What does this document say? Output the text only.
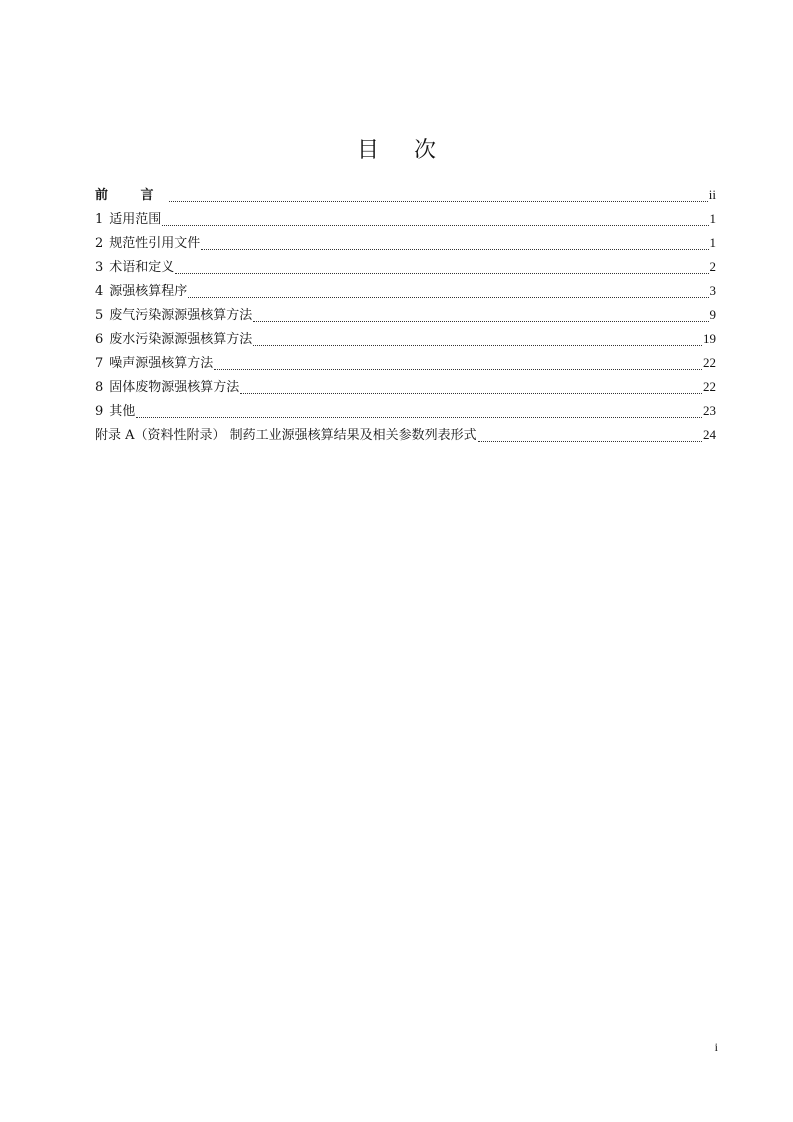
目 次
前 言	ii
1 适用范围	1
2 规范性引用文件	1
3 术语和定义	2
4 源强核算程序	3
5 废气污染源源强核算方法	9
6 废水污染源源强核算方法	19
7 噪声源强核算方法	22
8 固体废物源强核算方法	22
9 其他	23
附录 A（资料性附录） 制药工业源强核算结果及相关参数列表形式	24
i
